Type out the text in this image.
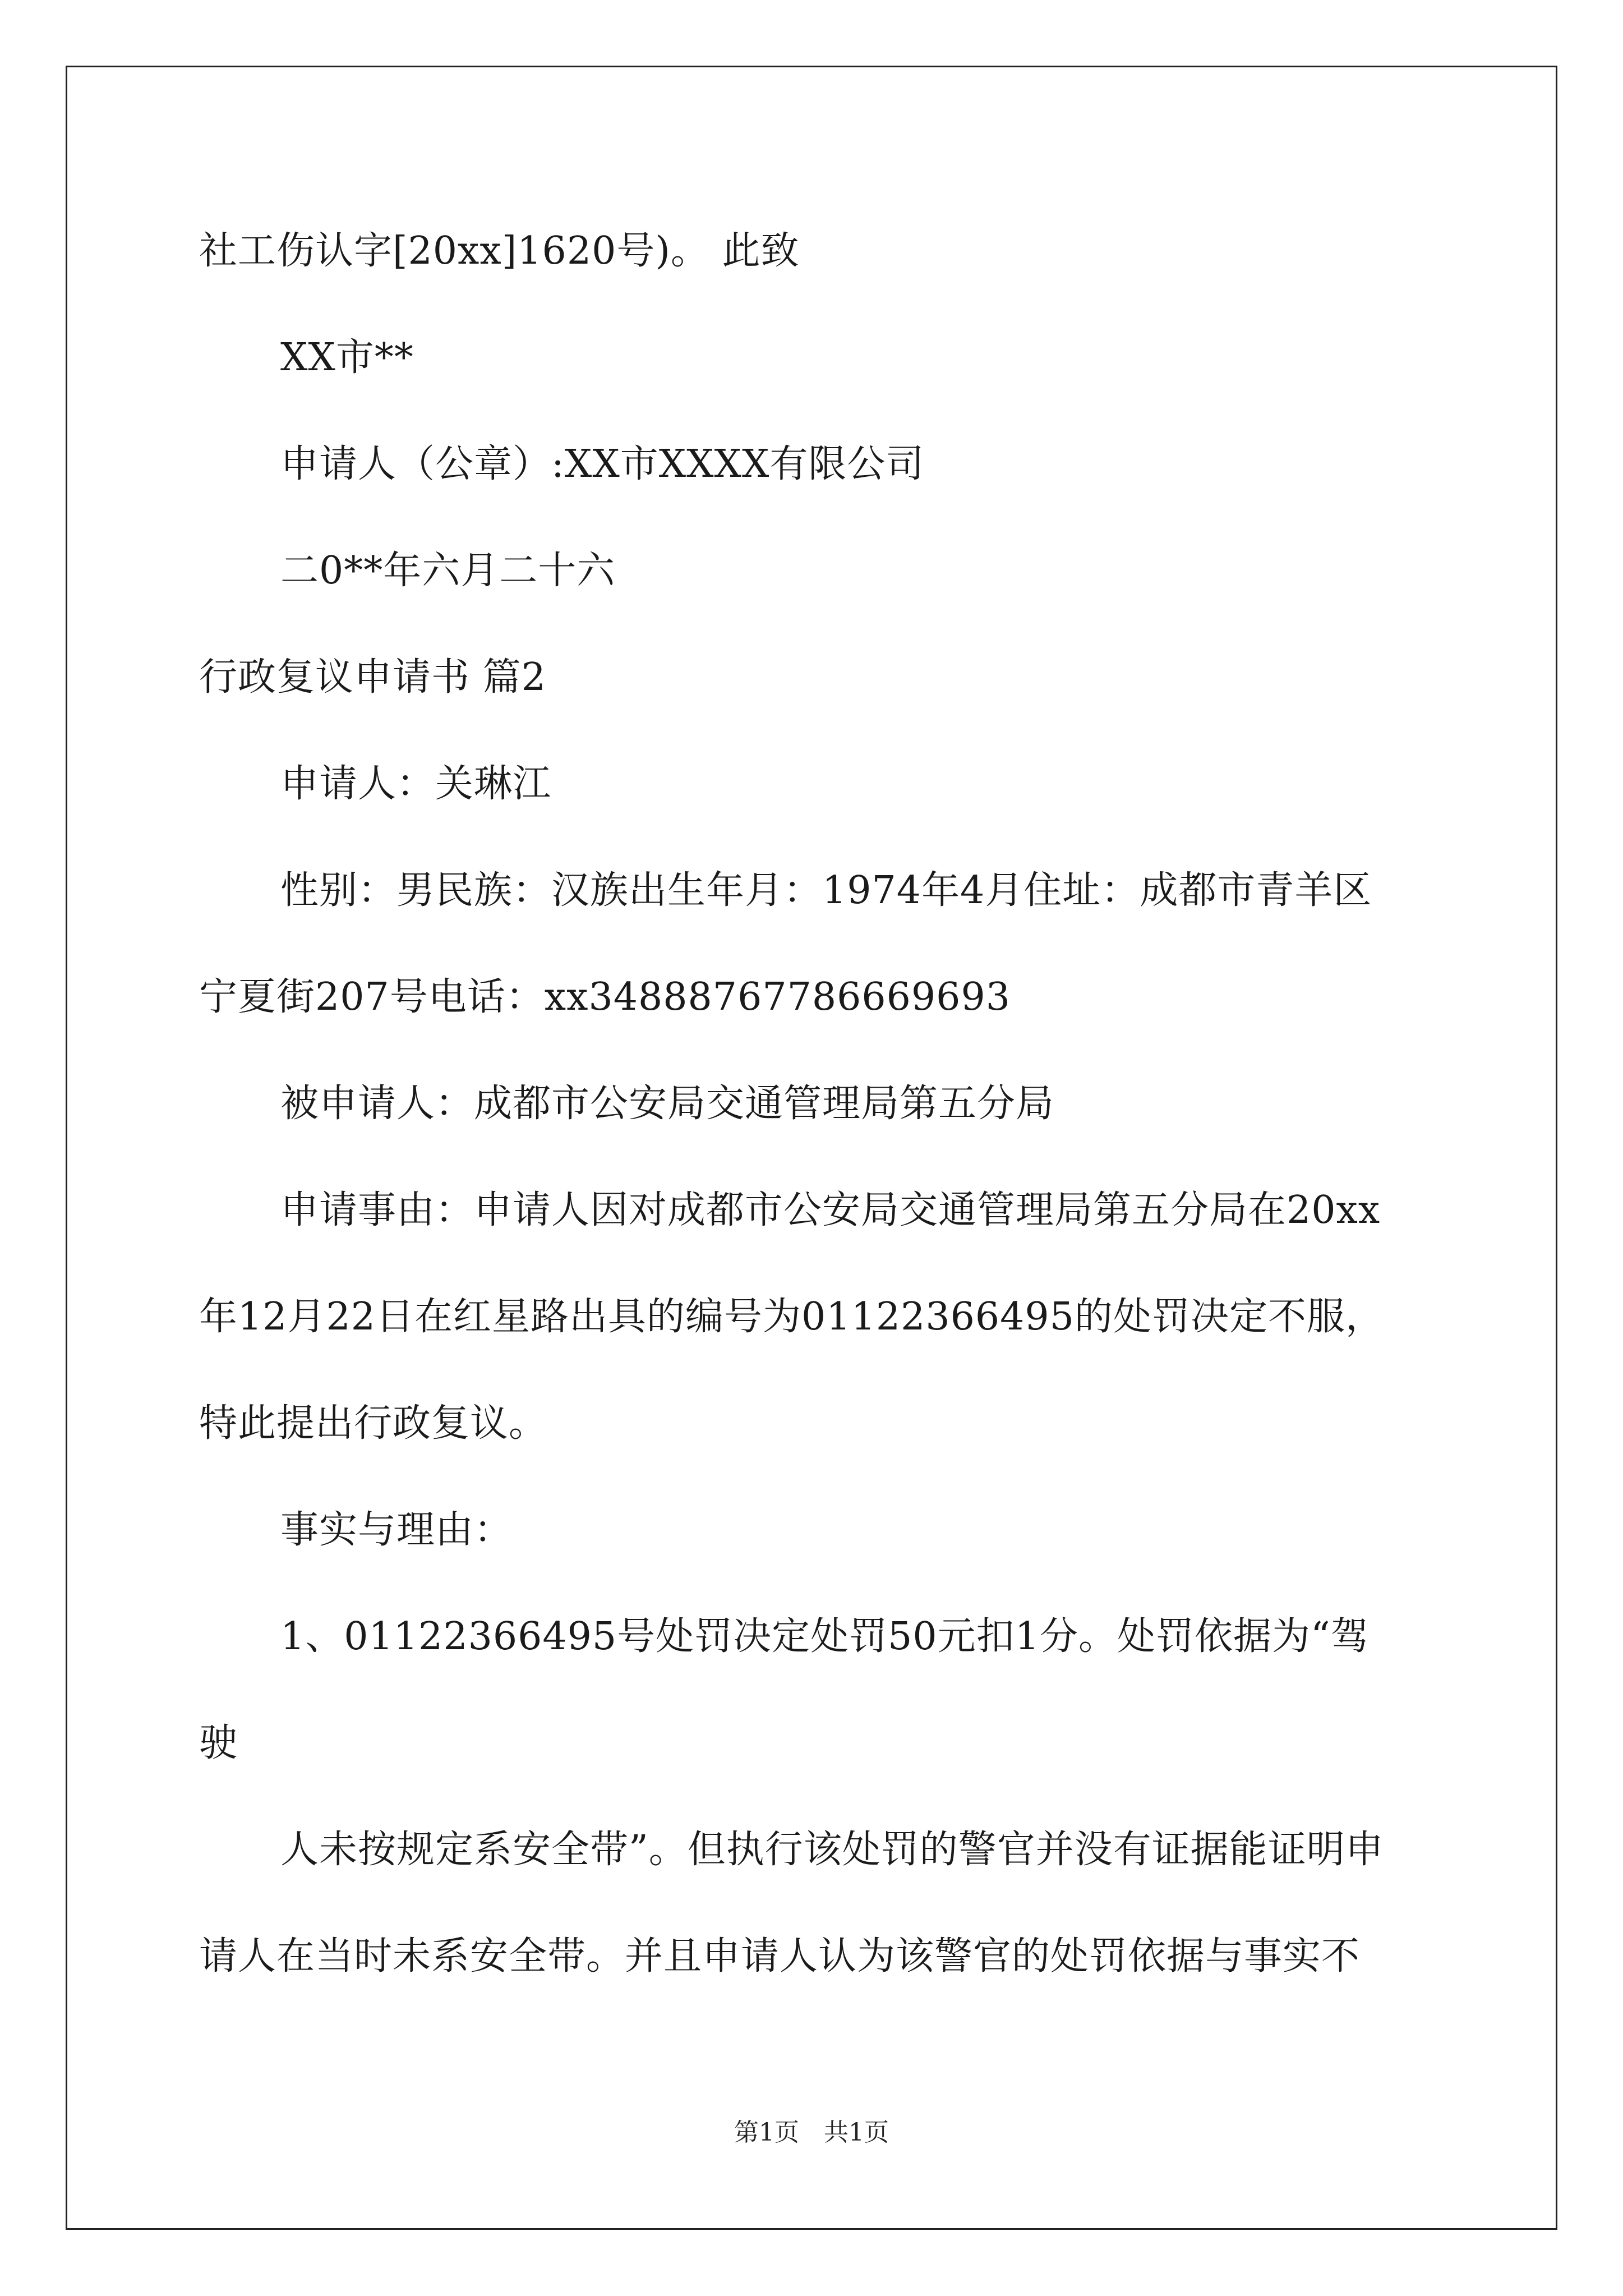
社工伤认字[20xx]1620号)。 此致
XX市**
申请人（公章）:XX市XXXX有限公司
二0**年六月二十六
行政复议申请书 篇2
申请人：关琳江
性别：男民族：汉族出生年月：1974年4月住址：成都市青羊区
宁夏街207号电话：xx34888767786669693
被申请人：成都市公安局交通管理局第五分局
申请事由：申请人因对成都市公安局交通管理局第五分局在20xx
年12月22日在红星路出具的编号为01122366495的处罚决定不服，
特此提出行政复议。
事实与理由：
1、01122366495号处罚决定处罚50元扣1分。处罚依据为“驾
驶
人未按规定系安全带”。但执行该处罚的警官并没有证据能证明申
请人在当时未系安全带。并且申请人认为该警官的处罚依据与事实不
第1页　共1页
